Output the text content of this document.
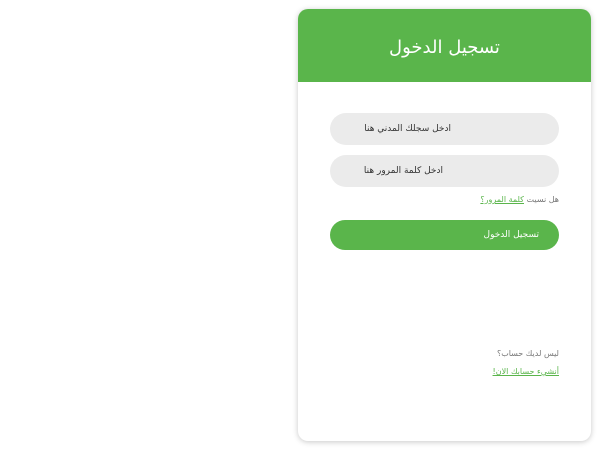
تسجيل الدخول
ادخل سجلك المدني هنا
هل نسيت كلمة المرور؟
تسجيل الدخول
ليس لديك حساب؟
أنشيء حسابك الان!
